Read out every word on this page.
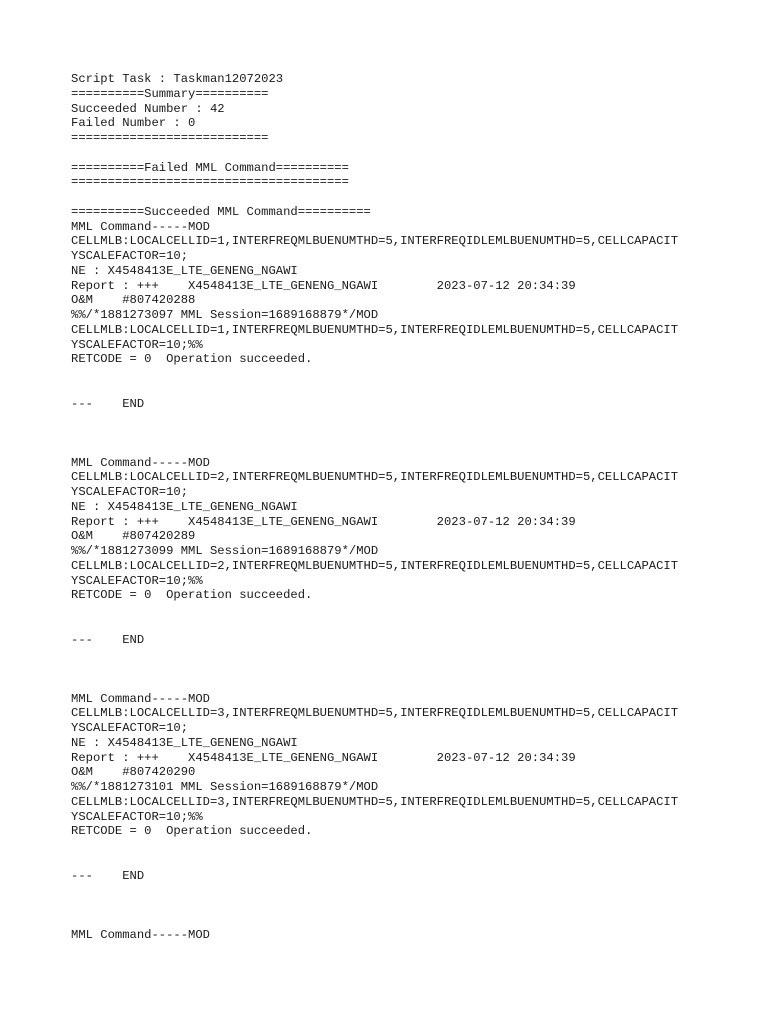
Script Task : Taskman12072023
==========Summary==========
Succeeded Number : 42
Failed Number : 0
===========================
==========Failed MML Command==========
======================================
==========Succeeded MML Command==========
MML Command-----MOD
CELLMLB:LOCALCELLID=1,INTERFREQMLBUENUMTHD=5,INTERFREQIDLEMLBUENUMTHD=5,CELLCAPACIT
YSCALEFACTOR=10;
NE : X4548413E_LTE_GENENG_NGAWI
Report : +++    X4548413E_LTE_GENENG_NGAWI        2023-07-12 20:34:39
O&M    #807420288
%%/*1881273097 MML Session=1689168879*/MOD
CELLMLB:LOCALCELLID=1,INTERFREQMLBUENUMTHD=5,INTERFREQIDLEMLBUENUMTHD=5,CELLCAPACIT
YSCALEFACTOR=10;%%
RETCODE = 0  Operation succeeded.
---    END
MML Command-----MOD
CELLMLB:LOCALCELLID=2,INTERFREQMLBUENUMTHD=5,INTERFREQIDLEMLBUENUMTHD=5,CELLCAPACIT
YSCALEFACTOR=10;
NE : X4548413E_LTE_GENENG_NGAWI
Report : +++    X4548413E_LTE_GENENG_NGAWI        2023-07-12 20:34:39
O&M    #807420289
%%/*1881273099 MML Session=1689168879*/MOD
CELLMLB:LOCALCELLID=2,INTERFREQMLBUENUMTHD=5,INTERFREQIDLEMLBUENUMTHD=5,CELLCAPACIT
YSCALEFACTOR=10;%%
RETCODE = 0  Operation succeeded.
---    END
MML Command-----MOD
CELLMLB:LOCALCELLID=3,INTERFREQMLBUENUMTHD=5,INTERFREQIDLEMLBUENUMTHD=5,CELLCAPACIT
YSCALEFACTOR=10;
NE : X4548413E_LTE_GENENG_NGAWI
Report : +++    X4548413E_LTE_GENENG_NGAWI        2023-07-12 20:34:39
O&M    #807420290
%%/*1881273101 MML Session=1689168879*/MOD
CELLMLB:LOCALCELLID=3,INTERFREQMLBUENUMTHD=5,INTERFREQIDLEMLBUENUMTHD=5,CELLCAPACIT
YSCALEFACTOR=10;%%
RETCODE = 0  Operation succeeded.
---    END
MML Command-----MOD
